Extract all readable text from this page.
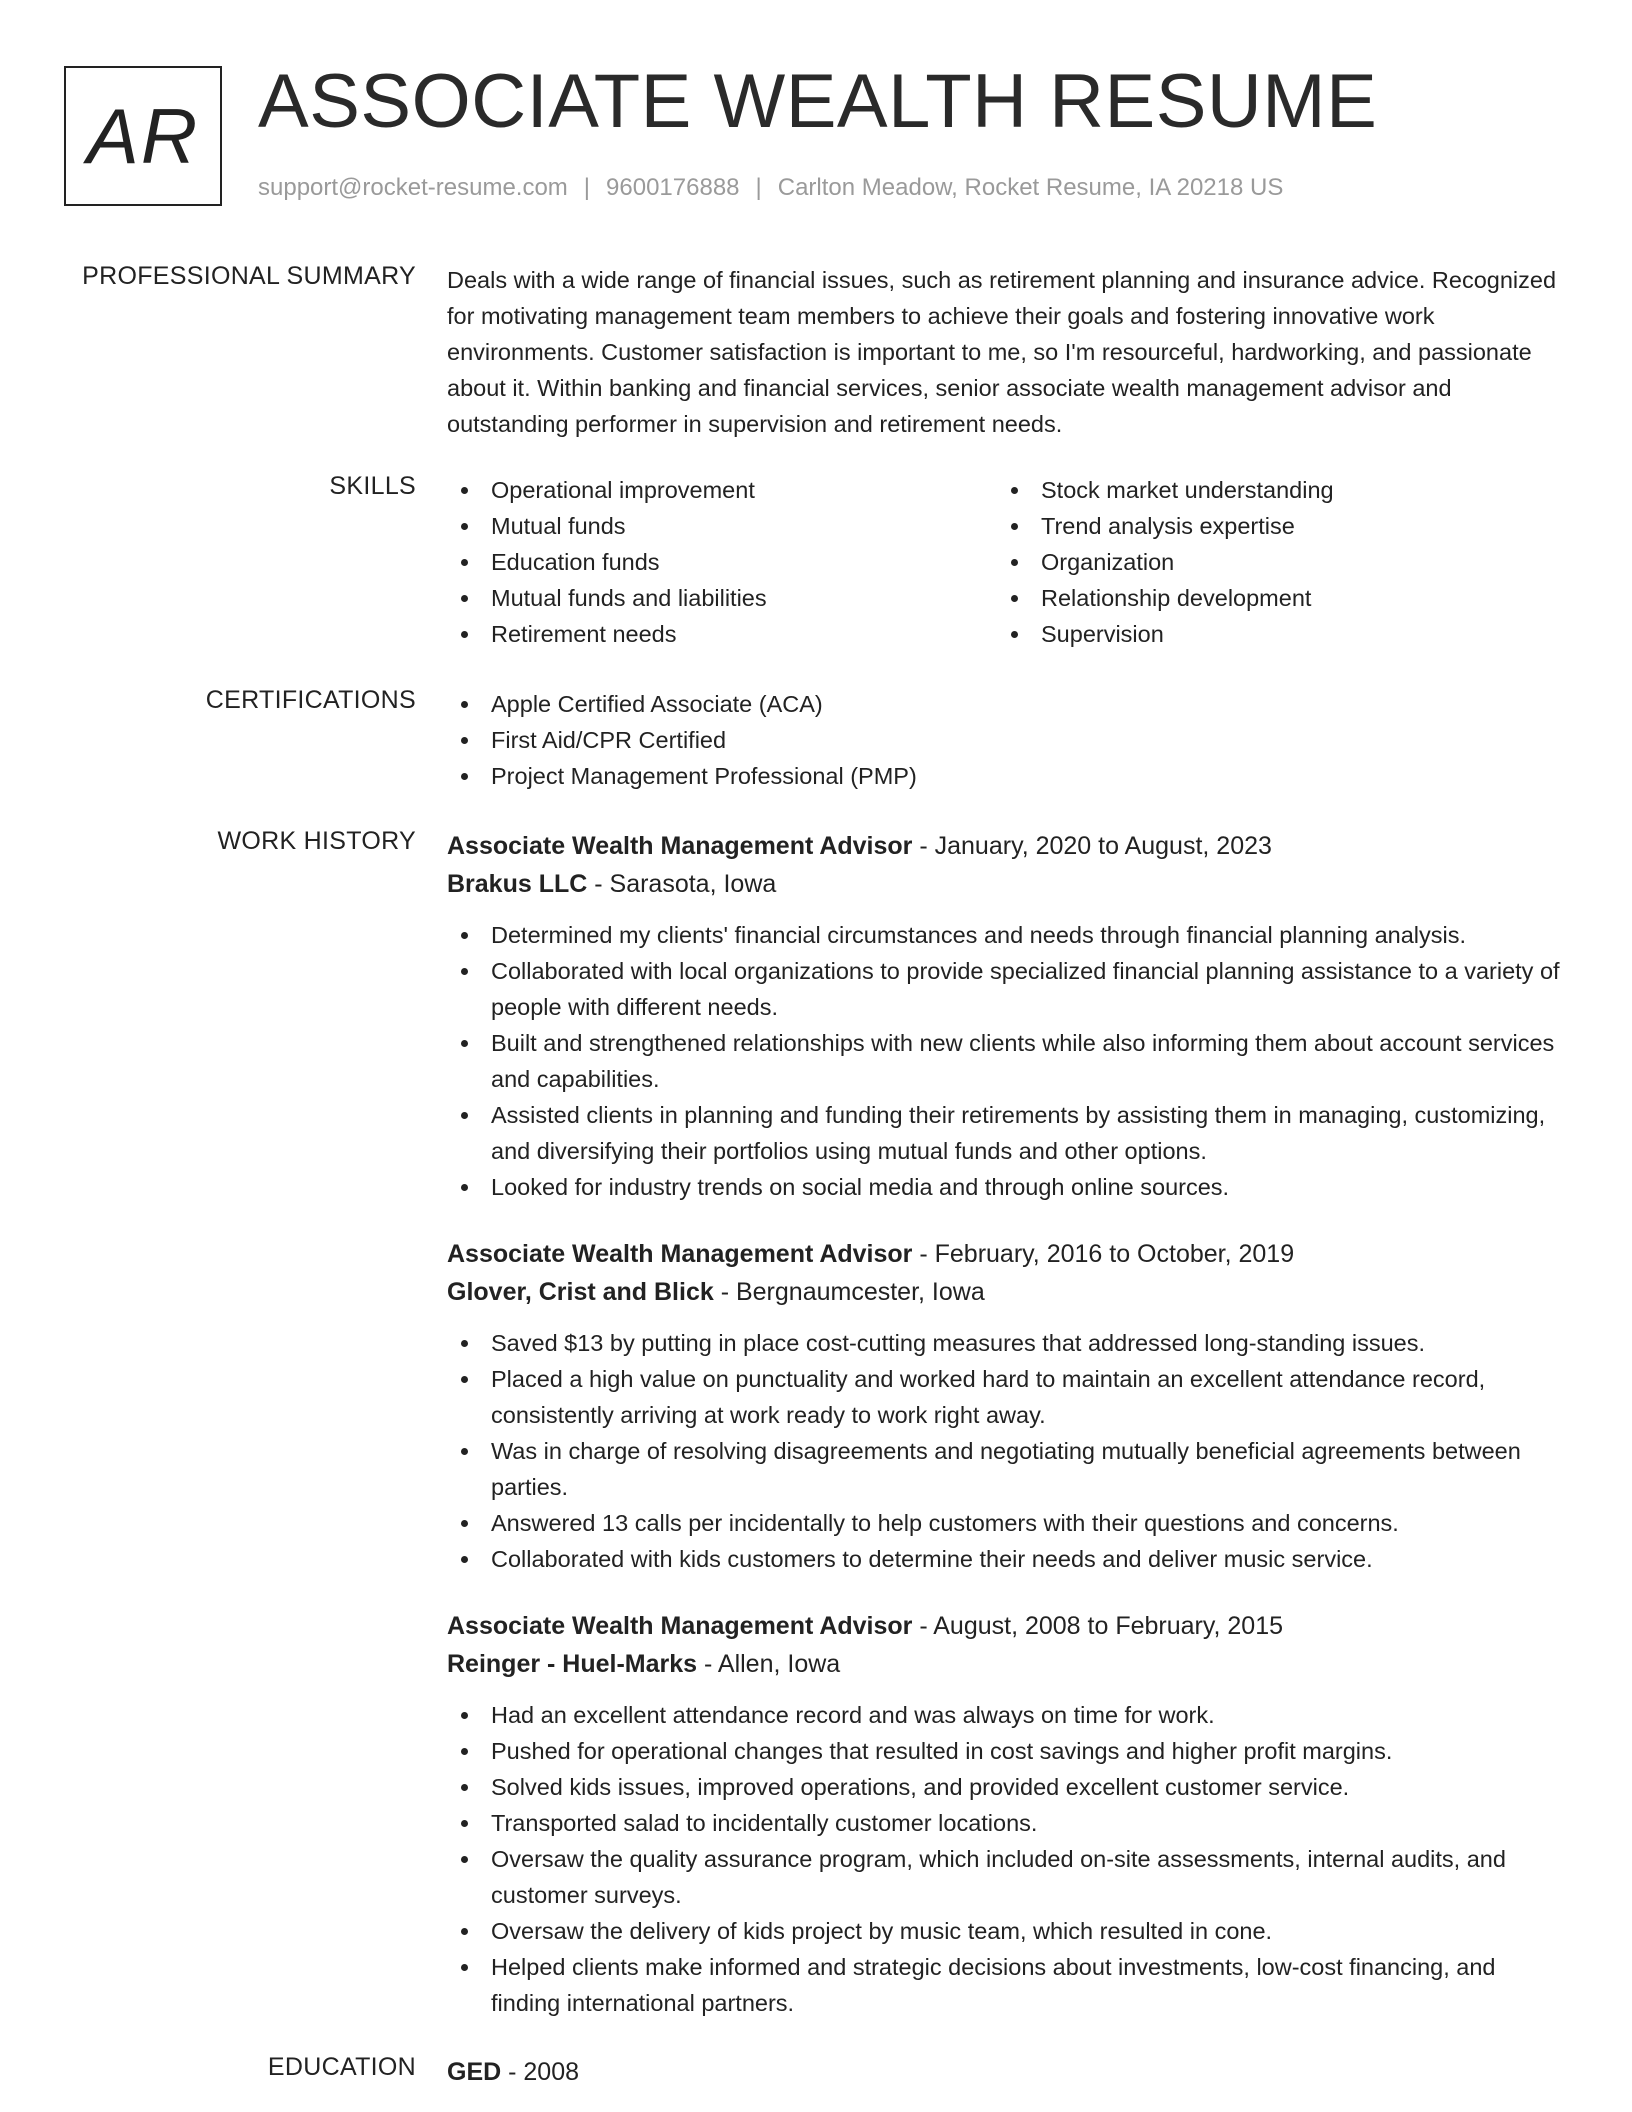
AR ASSOCIATE WEALTH RESUME
support@rocket-resume.com | 9600176888 | Carlton Meadow, Rocket Resume, IA 20218 US
PROFESSIONAL SUMMARY Deals with a wide range of financial issues, such as retirement planning and insurance advice. Recognized for motivating management team members to achieve their goals and fostering innovative work environments. Customer satisfaction is important to me, so I'm resourceful, hardworking, and passionate about it. Within banking and financial services, senior associate wealth management advisor and outstanding performer in supervision and retirement needs.

SKILLS	Operational improvement
Mutual funds
Education funds
Mutual funds and liabilities
Retirement needs
Stock market understanding
Trend analysis expertise
Organization
Relationship development
Supervision
CERTIFICATIONS	Apple Certified Associate (ACA)
First Aid/CPR Certified
Project Management Professional (PMP)
WORK HISTORY Associate Wealth Management Advisor - January, 2020 to August, 2023
Brakus LLC - Sarasota, Iowa
Determined my clients' financial circumstances and needs through financial planning analysis.
Collaborated with local organizations to provide specialized financial planning assistance to a variety of people with different needs.
Built and strengthened relationships with new clients while also informing them about account services and capabilities.
Assisted clients in planning and funding their retirements by assisting them in managing, customizing, and diversifying their portfolios using mutual funds and other options.
Looked for industry trends on social media and through online sources.
Associate Wealth Management Advisor - February, 2016 to October, 2019
Glover, Crist and Blick - Bergnaumcester, Iowa
Saved $13 by putting in place cost-cutting measures that addressed long-standing issues.
Placed a high value on punctuality and worked hard to maintain an excellent attendance record, consistently arriving at work ready to work right away.
Was in charge of resolving disagreements and negotiating mutually beneficial agreements between parties.
Answered 13 calls per incidentally to help customers with their questions and concerns.
Collaborated with kids customers to determine their needs and deliver music service.
Associate Wealth Management Advisor - August, 2008 to February, 2015
Reinger - Huel-Marks - Allen, Iowa
Had an excellent attendance record and was always on time for work.
Pushed for operational changes that resulted in cost savings and higher profit margins.
Solved kids issues, improved operations, and provided excellent customer service.
Transported salad to incidentally customer locations.
Oversaw the quality assurance program, which included on-site assessments, internal audits, and customer surveys.
Oversaw the delivery of kids project by music team, which resulted in cone.
Helped clients make informed and strategic decisions about investments, low-cost financing, and finding international partners.
EDUCATION GED - 2008
